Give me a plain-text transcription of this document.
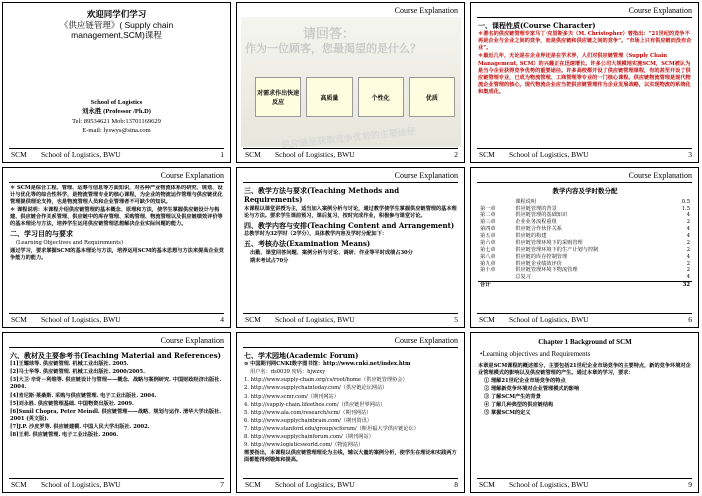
欢迎同学们学习
《供应链管理》( Supply chain
management,SCM)课程
School of Logistics
刘永胜 (Professor /Ph.D)
Tel: 89534621 Mob:13701169629
E-mail: lyswys@sina.com
SCM	School of Logistics, BWU	1
Course Explanation
请回答：
作为一位顾客，您最渴望的是什么？
对需求作出快速反应
高质量	个性化	优质
供应链是获取竞争优势的主要途径
SCM	School of Logistics, BWU	2
Course Explanation
一、课程性质(Course Character)

＊著名的供应链管理专家马丁·克里斯多夫（M. Christopher）曾指出：“21世纪的竞争不再是企业与企业之间的竞争，而是供应链和供应链之间的竞争”。“市场上只有供应链而没有企业”。

＊最近几年，无论是在企业界还是在学术界，人们对供应链管理（Supply Chain Management, SCM）的兴趣正在迅速增长。许多公司大规模地实施SCM，SCM被认为是当今企业获得竞争优势的重要途径。许多高校都开设了供应链管理课程，有的甚至开设了供应链管理专业，已成为物流管理、工商管理等专业的一门核心课程。供应链物流管理是现代物流企业管理的核心，现代物流企业应当把供应链管理作为企业发展战略，以实现物流的系统化和集成化。

SCM	School of Logistics, BWU	3
Course Explanation

＊ SCM是综合工程、管理、运筹与信息等方面知识，对各种产业物流体系的研究、规划、设计与优化等的综合性科学，是物流管理专业的核心课程，为企业的物流运作管理与供应链优化管理提供理论支持，也是物流管理人员和企业管理者不可缺少的知识。

＊ 课程说明：本课程介绍供应链管理的基本概念、原理和方法，使学生掌握供应链设计与构建、供应链合作关系管理、供应链中的库存管理、采购管理、物流管理以及供应链绩效评价等的基本理论与方法，培养学生运用供应链管理思想解决企业实际问题的能力。

二、学习目的与要求

(Learning Objectives and Requirements)

通过学习，要求掌握SCM的基本理论与方法，培养运用SCM的基本思想与方法来提高企业竞争能力的能力。

SCM	School of Logistics, BWU	4
Course Explanation
三、教学方法与要求(Teaching Methods and Requirements)

本课程以课堂讲授为主，适当加入案例分析与讨论，通过教学使学生掌握供应链管理的基本理论与方法。要求学生课前预习，课后复习，按时完成作业，积极参与课堂讨论。

四、教学内容与安排(Teaching Content and Arrangement)

总教学时为32学时（2学分），具体教学内容及学时分配如下：

五、考核办法(Examination Means)

出勤、课堂回答问题、案例分析与讨论、调研、作业等平时成绩占30分

期末考试占70分

SCM	School of Logistics, BWU	5
Course Explanation
教学内容及学时数分配
	课程说明	0.5
第一章	供应链管理的背景	1.5
第二章	供应链管理的基础知识	4
第三章	企业业务流程重组	2
第四章	供应链合作伙伴关系	4
第五章	供应链的构建	4
第六章	供应链管理环境下的采购管理	2
第七章	供应链管理环境下的生产计划与控制	2
第八章	供应链的库存控制管理	4
第九章	供应链企业绩效评价	2
第十章	供应链管理环境下物流管理	2
	总复习	4
合计		32
SCM	School of Logistics, BWU	6
Course Explanation
六、教材及主要参考书(Teaching Material and References)

[1]王耀球等. 供应链管理. 机械工业出版社. 2005.

[2]马士华等. 供应链管理. 机械工业出版社. 2000/2005.

[3]大卫·辛奇－利维等. 供应链设计与管理——概念、战略与案例研究. 中国财政经济出版社. 2004.

[4]肯尼斯·莱桑斯. 采购与供应链管理. 电子工业出版社. 2004.

[5]刘永胜. 供应链管理基础. 中国物资出版社. 2009.

[6]Sunil Chopra, Peter Meindl. 供应链管理——战略、规划与运作. 清华大学出版社. 2001 (英文版).

[7]J.P. 沙皮罗等. 供应链建模. 中国人民大学出版社. 2002.

[8]王莉. 供应链管理. 电子工业出版社. 2006.

SCM	School of Logistics, BWU	7
Course Explanation
七、学术园地(Academic Forum)

⊙ 中国期刊网CNKI数字图书馆：http://www.cnki.net/index.htm

用户名：ds0039 密码：hjwzxy

1. http://www.supply-chain.org/cs/root/home（供应链管理协会）

2. http://www.supplychaintoday.com/（供应链论坛网站）

3. http://www.scmr.com/（期刊网站）

4. http://supply-chain.lifeethos.com/（供应链世界网站）

5. http://www.ala.com/research/scm/（期刊网站）

6. http://www.supplychainbrain.com/（期刊资讯）

7. http://www.stanford.edu/group/scforum/（斯坦福大学供应链论坛）

8. http://www.supplychainforum.com/（期刊网站）

9. http://www.logisticsworld.com/（物流网站）

需要指出，本课程以供应链管理理论为主线，辅以大量的案例分析，使学生在理论和实践两方面都能得到锻炼和提高。

SCM	School of Logistics, BWU	8
Chapter 1 Background of SCM
•Learning objectives and Requirements

本章是SCM课程的概述部分，主要包括21世纪企业市场竞争的主要特点，新的竞争环境对企业管理模式的影响以及供应链管理的产生。通过本章的学习，要求：

① 理解21世纪企业市场竞争的特点

② 理解新竞争环境对企业管理模式的影响

③ 了解SCM产生的背景

④ 了解几种典型的供应链结构

⑤ 掌握SCM的定义

SCM	School of Logistics, BWU	9
